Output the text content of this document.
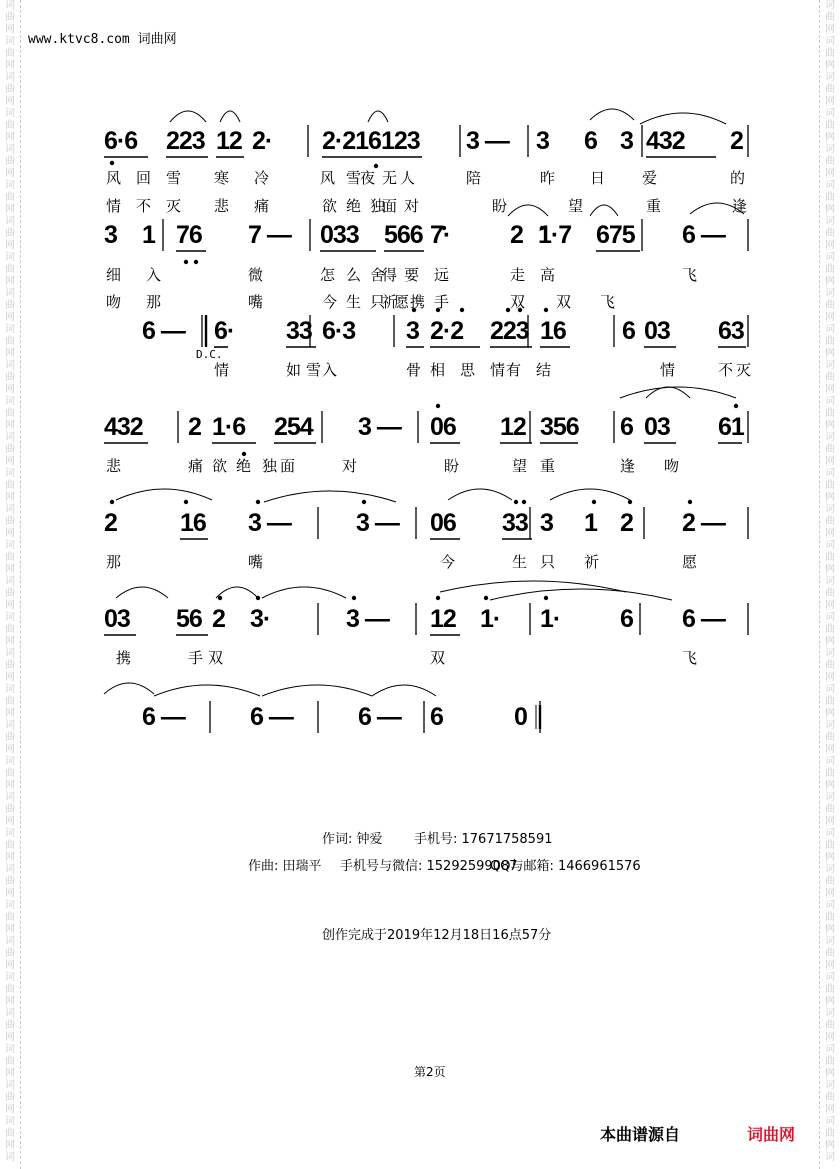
词
曲
网
词
曲
网
词
曲
网
词
曲
网
词
曲
网
词
曲
网
词
曲
网
词
曲
网
词
曲
网
词
曲
网
词
曲
网
词
曲
网
词
曲
网
词
曲
网
词
曲
网
词
曲
网
词
曲
网
词
曲
网
词
曲
网
词
曲
网
词
曲
网
词
曲
网
词
曲
网
词
曲
网
词
曲
网
词
曲
网
词
曲
网
词
曲
网
词
曲
网
词
曲
网
词
曲
网
词
曲
网
词
词
曲
网
词
曲
网
词
曲
网
词
曲
网
词
曲
网
词
曲
网
词
曲
网
词
曲
网
词
曲
网
词
曲
网
词
曲
网
词
曲
网
词
曲
网
词
曲
网
词
曲
网
词
曲
网
词
曲
网
词
曲
网
词
曲
网
词
曲
网
词
曲
网
词
曲
网
词
曲
网
词
曲
网
词
曲
网
词
曲
网
词
曲
网
词
曲
网
词
曲
网
词
曲
网
词
曲
网
词
曲
网
词
www.ktvc8.com 词曲网
6·6 223 12 2· 2·216123 3 — 3 6 3 432 2
3 1 76 7 — 033 566 7· 2 1·7 675 6 —
6 — 6· 33 6·3 3 2·2 223 16 6 03 63
432 2 1·6 254 3 — 06 12 356 6 03 61
2	16 3 —	3 — 06 33 3 1 2 2 —
03 56 2 3·	3 — 12 1· 1· 6 6 —
6 —	6 —	6 — 6	0
D.C.
风 回 雪 寒 冷	风 雪
夜 无 人	陪	昨 日 爱	的
情 不 灭 悲 痛	欲 绝 独
面 对	盼	望	重	逢
细 入	微	怎 么 舍
得 要 远	走 高	飞
吻 那	嘴	今 生 只
祈
愿 携 手	双 双 飞
情	如 雪 入	骨 相 思 情 有 结	情	不 灭
悲	痛 欲 绝 独 面	对	盼	望 重	逢 吻
那	嘴	今	生 只 祈	愿
携	手 双	双	飞
作词: 钟爱 手机号: 17671758591
作曲: 田瑞平 手机号与微信: 15292599087
QQ与邮箱: 1466961576
创作完成于2019年12月18日16点57分
第2页
本曲谱源自	词曲网
